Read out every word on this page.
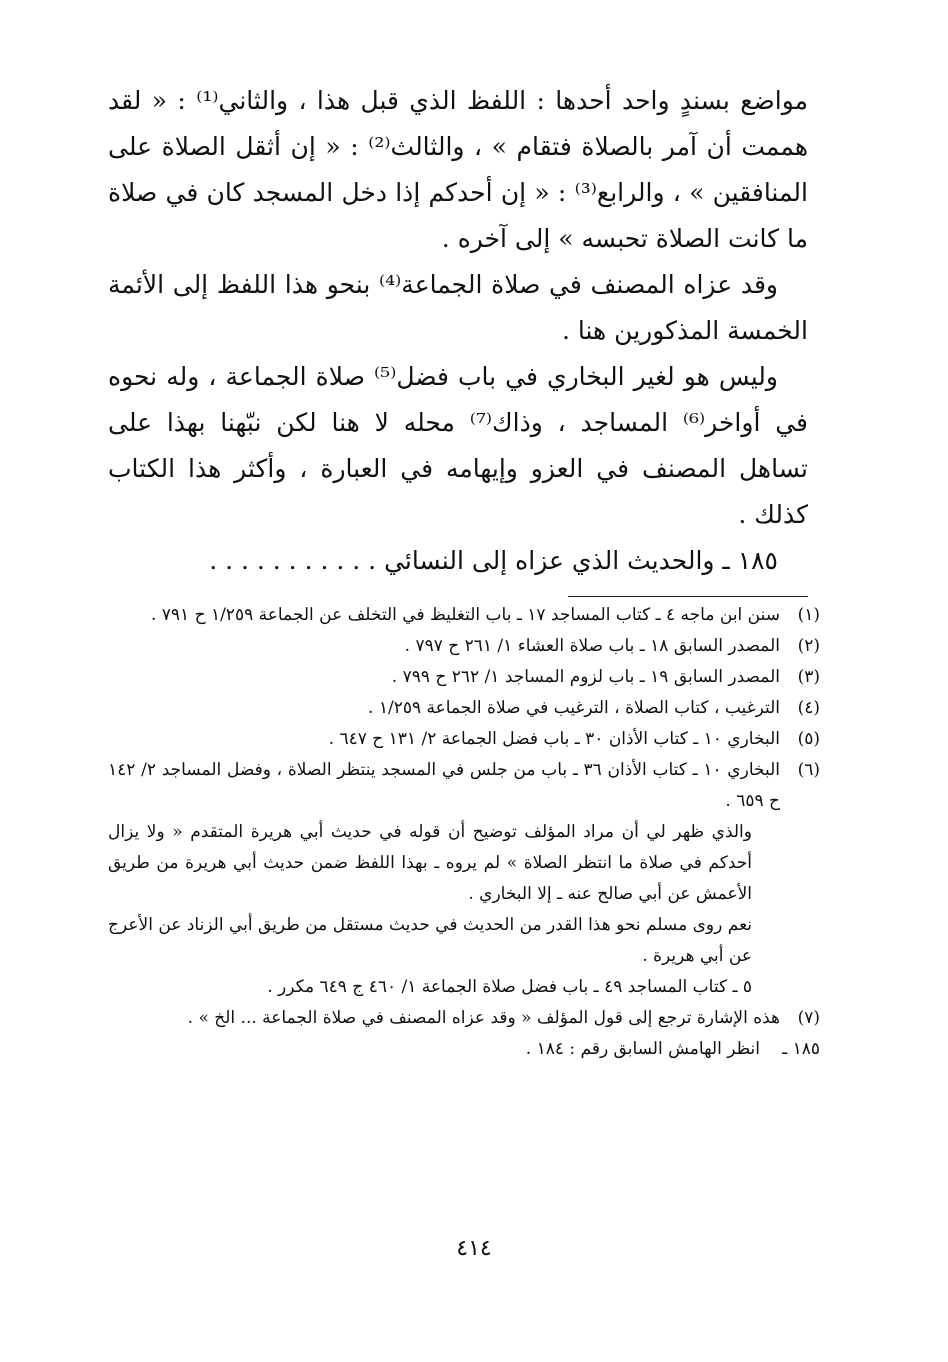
مواضع بسندٍ واحد أحدها : اللفظ الذي قبل هذا ، والثاني⁽¹⁾ : « لقد هممت أن آمر بالصلاة فتقام » ، والثالث⁽²⁾ : « إن أثقل الصلاة على المنافقين » ، والرابع⁽³⁾ : « إن أحدكم إذا دخل المسجد كان في صلاة ما كانت الصلاة تحبسه » إلى آخره .

وقد عزاه المصنف في صلاة الجماعة⁽⁴⁾ بنحو هذا اللفظ إلى الأئمة الخمسة المذكورين هنا .

وليس هو لغير البخاري في باب فضل⁽⁵⁾ صلاة الجماعة ، وله نحوه في أواخر⁽⁶⁾ المساجد ، وذاك⁽⁷⁾ محله لا هنا لكن نبّهنا بهذا على تساهل المصنف في العزو وإيهامه في العبارة ، وأكثر هذا الكتاب كذلك .

١٨٥ ـ والحديث الذي عزاه إلى النسائي . . . . . . . . . . .
(١)
سنن ابن ماجه ٤ ـ كتاب المساجد ١٧ ـ باب التغليظ في التخلف عن الجماعة ١/٢٥٩ ح ٧٩١ .
(٢)
المصدر السابق ١٨ ـ باب صلاة العشاء ١/ ٢٦١ ح ٧٩٧ .
(٣)
المصدر السابق ١٩ ـ باب لزوم المساجد ١/ ٢٦٢ ح ٧٩٩ .
(٤)
الترغيب ، كتاب الصلاة ، الترغيب في صلاة الجماعة ١/٢٥٩ .
(٥)
البخاري ١٠ ـ كتاب الأذان ٣٠ ـ باب فضل الجماعة ٢/ ١٣١ ح ٦٤٧ .
(٦)
البخاري ١٠ ـ كتاب الأذان ٣٦ ـ باب من جلس في المسجد ينتظر الصلاة ، وفضل المساجد ٢/ ١٤٢ ح ٦٥٩ .
والذي ظهر لي أن مراد المؤلف توضيح أن قوله في حديث أبي هريرة المتقدم « ولا يزال أحدكم في صلاة ما انتظر الصلاة » لم يروه ـ بهذا اللفظ ضمن حديث أبي هريرة من طريق الأعمش عن أبي صالح عنه ـ إلا البخاري .
نعم روى مسلم نحو هذا القدر من الحديث في حديث مستقل من طريق أبي الزناد عن الأعرج عن أبي هريرة .
٥ ـ كتاب المساجد ٤٩ ـ باب فضل صلاة الجماعة ١/ ٤٦٠ ج ٦٤٩ مكرر .
(٧)
هذه الإشارة ترجع إلى قول المؤلف « وقد عزاه المصنف في صلاة الجماعة ... الخ » .
١٨٥ ـ
انظر الهامش السابق رقم : ١٨٤ .
٤١٤
